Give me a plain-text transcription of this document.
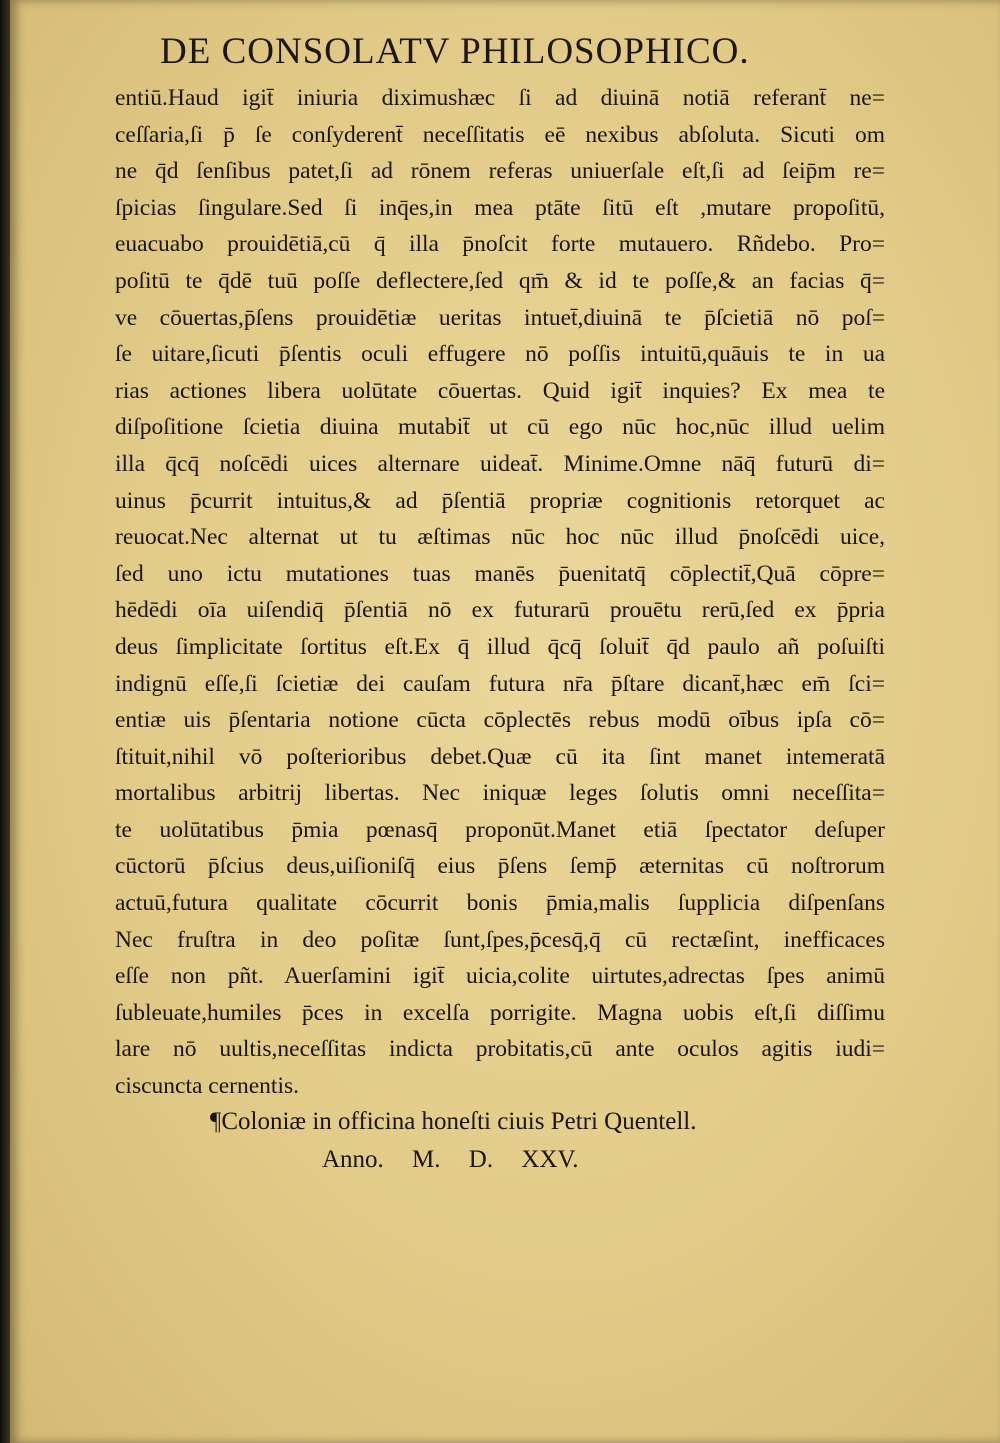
DE CONSOLATV PHILOSOPHICO.
entiū.Haud igit̄ iniuria diximushæc ſi ad diuinā notiā referant̄ ne=
ceſſaria,ſi p̄ ſe conſyderent̄ neceſſitatis eē nexibus abſoluta. Sicuti om
ne q̄d ſenſibus patet,ſi ad rōnem referas uniuerſale eſt,ſi ad ſeip̄m re=
ſpicias ſingulare.Sed ſi inq̄es,in mea ptāte ſitū eſt ,mutare propoſitū,
euacuabo prouidētiā,cū q̄ illa p̄noſcit forte mutauero. Rñdebo. Pro=
poſitū te q̄dē tuū poſſe deflectere,ſed qm̄ & id te poſſe,& an facias q̄=
ve cōuertas,p̄ſens prouidētiæ ueritas intuet̄,diuinā te p̄ſcietiā nō poſ=
ſe uitare,ſicuti p̄ſentis oculi effugere nō poſſis intuitū,quāuis te in ua
rias actiones libera uolūtate cōuertas. Quid igit̄ inquies? Ex mea te
diſpoſitione ſcietia diuina mutabit̄ ut cū ego nūc hoc,nūc illud uelim
illa q̄cq̄ noſcēdi uices alternare uideat̄. Minime.Omne nāq̄ futurū di=
uinus p̄currit intuitus,& ad p̄ſentiā propriæ cognitionis retorquet ac
reuocat.Nec alternat ut tu æſtimas nūc hoc nūc illud p̄noſcēdi uice,
ſed uno ictu mutationes tuas manēs p̄uenitatq̄ cōplectit̄,Quā cōpre=
hēdēdi oīa uiſendiq̄ p̄ſentiā nō ex futurarū prouētu rerū,ſed ex p̄pria
deus ſimplicitate ſortitus eſt.Ex q̄ illud q̄cq̄ ſoluit̄ q̄d paulo añ poſuiſti
indignū eſſe,ſi ſcietiæ dei cauſam futura nr̄a p̄ſtare dicant̄,hæc em̄ ſci=
entiæ uis p̄ſentaria notione cūcta cōplectēs rebus modū oībus ipſa cō=
ſtituit,nihil vō poſterioribus debet.Quæ cū ita ſint manet intemeratā
mortalibus arbitrij libertas. Nec iniquæ leges ſolutis omni neceſſita=
te uolūtatibus p̄mia pœnasq̄ proponūt.Manet etiā ſpectator deſuper
cūctorū p̄ſcius deus,uiſioniſq̄ eius p̄ſens ſemp̄ æternitas cū noſtrorum
actuū,futura qualitate cōcurrit bonis p̄mia,malis ſupplicia diſpenſans
Nec fruſtra in deo poſitæ ſunt,ſpes,p̄cesq̄,q̄ cū rectæſint, inefficaces
eſſe non pñt. Auerſamini igit̄ uicia,colite uirtutes,adrectas ſpes animū
ſubleuate,humiles p̄ces in excelſa porrigite. Magna uobis eſt,ſi diſſimu
lare nō uultis,neceſſitas indicta probitatis,cū ante oculos agitis iudi=
ciscuncta cernentis.
¶Coloniæ in officina honeſti ciuis Petri Quentell.
Anno. M. D. XXV.
